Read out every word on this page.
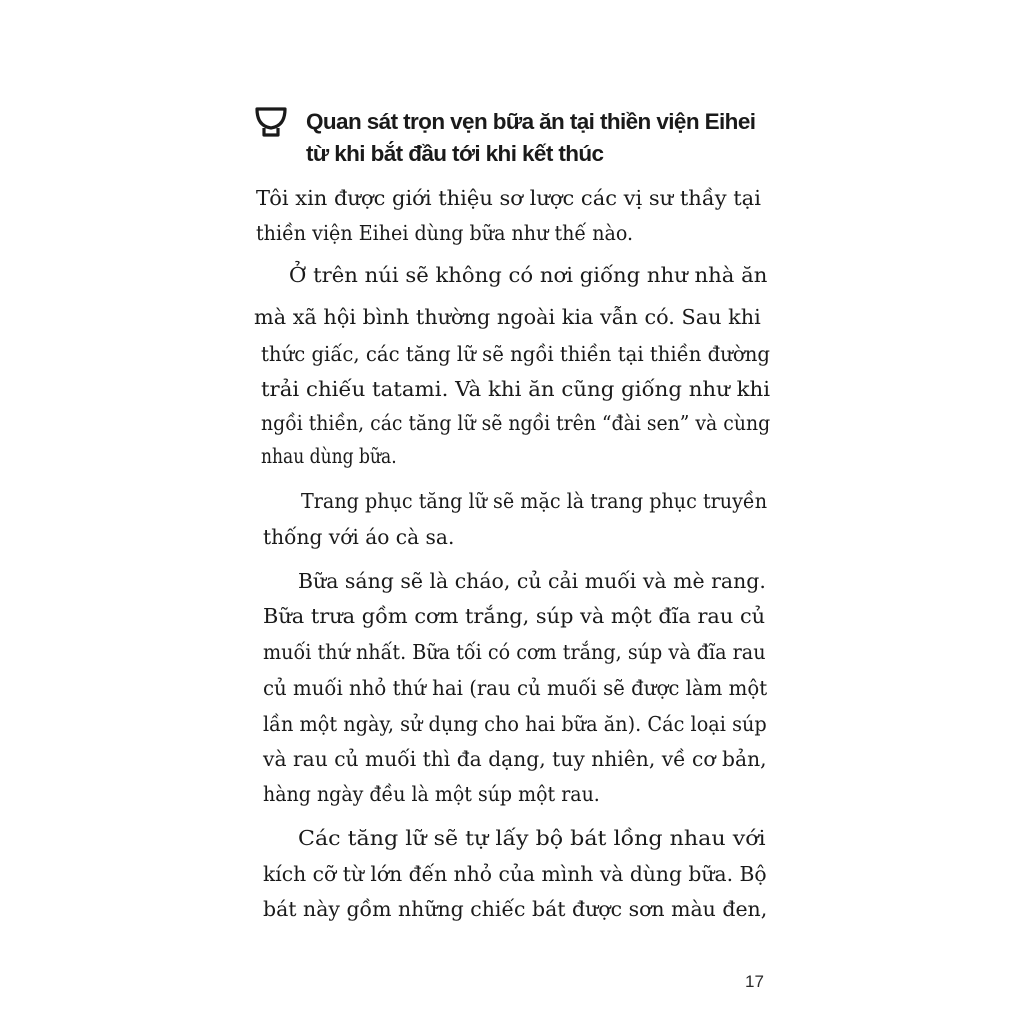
Quan sát trọn vẹn bữa ăn tại thiền viện Eihei
từ khi bắt đầu tới khi kết thúc
Tôi xin được giới thiệu sơ lược các vị sư thầy tại
thiền viện Eihei dùng bữa như thế nào.
Ở trên núi sẽ không có nơi giống như nhà ăn
mà xã hội bình thường ngoài kia vẫn có. Sau khi
thức giấc, các tăng lữ sẽ ngồi thiền tại thiền đường
trải chiếu tatami. Và khi ăn cũng giống như khi
ngồi thiền, các tăng lữ sẽ ngồi trên “đài sen” và cùng
nhau dùng bữa.
Trang phục tăng lữ sẽ mặc là trang phục truyền
thống với áo cà sa.
Bữa sáng sẽ là cháo, củ cải muối và mè rang.
Bữa trưa gồm cơm trắng, súp và một đĩa rau củ
muối thứ nhất. Bữa tối có cơm trắng, súp và đĩa rau
củ muối nhỏ thứ hai (rau củ muối sẽ được làm một
lần một ngày, sử dụng cho hai bữa ăn). Các loại súp
và rau củ muối thì đa dạng, tuy nhiên, về cơ bản,
hàng ngày đều là một súp một rau.
Các tăng lữ sẽ tự lấy bộ bát lồng nhau với
kích cỡ từ lớn đến nhỏ của mình và dùng bữa. Bộ
bát này gồm những chiếc bát được sơn màu đen,
17
